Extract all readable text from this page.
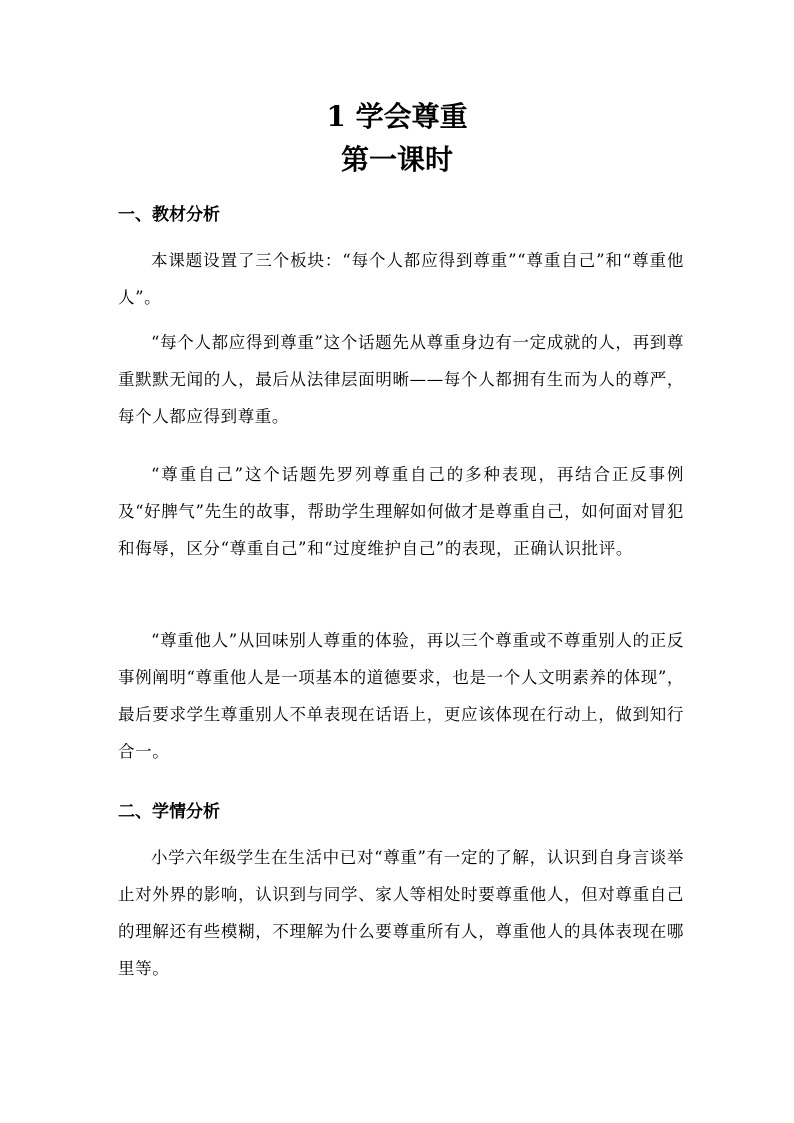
1 学会尊重
第一课时
一、教材分析

本课题设置了三个板块：“每个人都应得到尊重”“尊重自己”和“尊重他人”。

“每个人都应得到尊重”这个话题先从尊重身边有一定成就的人，再到尊重默默无闻的人，最后从法律层面明晰——每个人都拥有生而为人的尊严，每个人都应得到尊重。

“尊重自己”这个话题先罗列尊重自己的多种表现，再结合正反事例及“好脾气”先生的故事，帮助学生理解如何做才是尊重自己，如何面对冒犯和侮辱，区分“尊重自己”和“过度维护自己”的表现，正确认识批评。

“尊重他人”从回味别人尊重的体验，再以三个尊重或不尊重别人的正反事例阐明“尊重他人是一项基本的道德要求，也是一个人文明素养的体现”，最后要求学生尊重别人不单表现在话语上，更应该体现在行动上，做到知行合一。

二、学情分析

小学六年级学生在生活中已对“尊重”有一定的了解，认识到自身言谈举止对外界的影响，认识到与同学、家人等相处时要尊重他人，但对尊重自己的理解还有些模糊，不理解为什么要尊重所有人，尊重他人的具体表现在哪里等。
